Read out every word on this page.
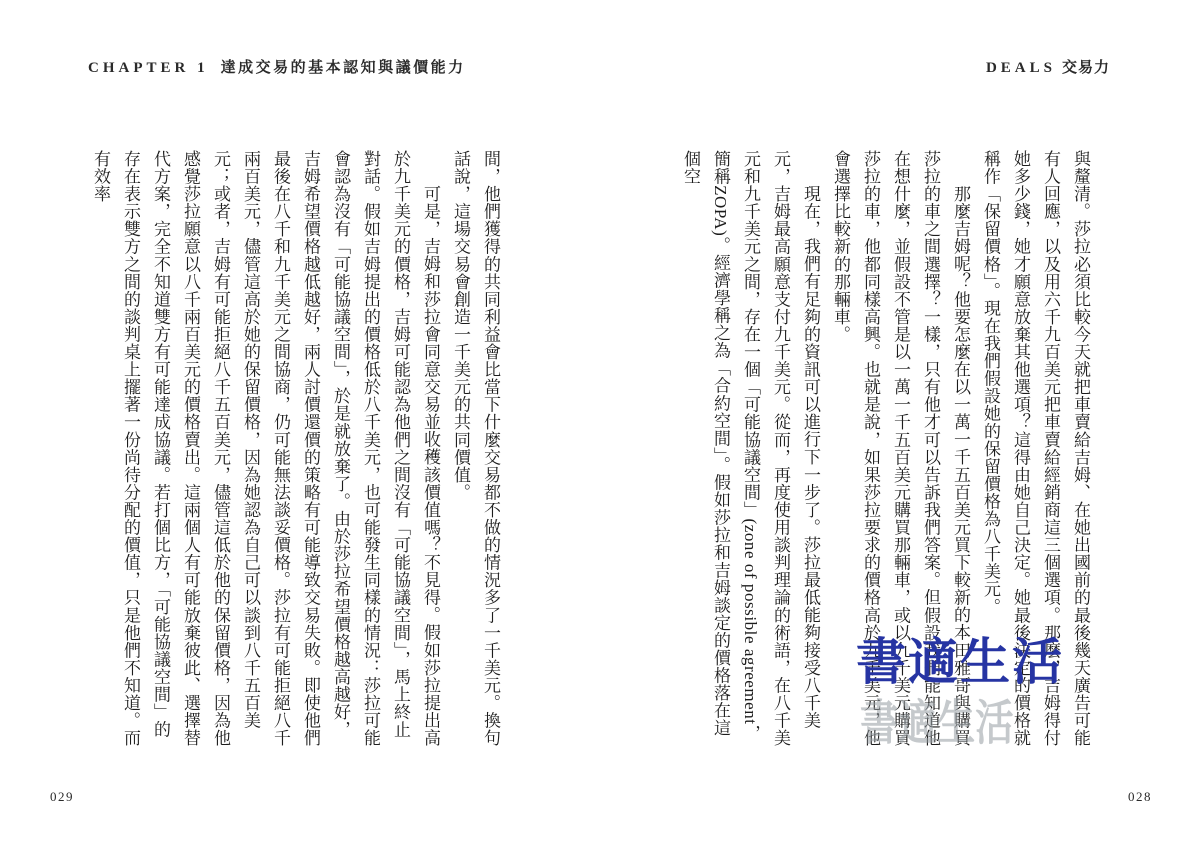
CHAPTER 1 達成交易的基本認知與議價能力	DEALS 交易力

與釐清。莎拉必須比較今天就把車賣給吉姆、在她出國前的最後幾天廣告可能有人回應，以及用六千九百美元把車賣給經銷商這三個選項。那麼，吉姆得付她多少錢，她才願意放棄其他選項？這得由她自己決定。她最後決定的價格就稱作「保留價格」。現在我們假設她的保留價格為八千美元。

那麼吉姆呢？他要怎麼在以一萬一千五百美元買下較新的本田雅哥與購買莎拉的車之間選擇？一樣，只有他才可以告訴我們答案。但假設我們能知道他在想什麼，並假設不管是以一萬一千五百美元購買那輛車，或以九千美元購買莎拉的車，他都同樣高興。也就是說，如果莎拉要求的價格高於九千美元，他會選擇比較新的那輛車。

現在，我們有足夠的資訊可以進行下一步了。莎拉最低能夠接受八千美元，吉姆最高願意支付九千美元。從而，再度使用談判理論的術語，在八千美元和九千美元之間，存在一個「可能協議空間」(zone of possible agreement，簡稱ZOPA)。經濟學稱之為「合約空間」。假如莎拉和吉姆談定的價格落在這個空

間，他們獲得的共同利益會比當下什麼交易都不做的情況多了一千美元。換句話說，這場交易會創造一千美元的共同價值。

可是，吉姆和莎拉會同意交易並收穫該價值嗎？不見得。假如莎拉提出高於九千美元的價格，吉姆可能認為他們之間沒有「可能協議空間」，馬上終止對話。假如吉姆提出的價格低於八千美元，也可能發生同樣的情況：莎拉可能會認為沒有「可能協議空間」，於是就放棄了。由於莎拉希望價格越高越好，吉姆希望價格越低越好，兩人討價還價的策略有可能導致交易失敗。即使他們最後在八千和九千美元之間協商，仍可能無法談妥價格。莎拉有可能拒絕八千兩百美元，儘管這高於她的保留價格，因為她認為自己可以談到八千五百美元；或者，吉姆有可能拒絕八千五百美元，儘管這低於他的保留價格，因為他感覺莎拉願意以八千兩百美元的價格賣出。這兩個人有可能放棄彼此、選擇替代方案，完全不知道雙方有可能達成協議。若打個比方，「可能協議空間」的存在表示雙方之間的談判桌上擺著一份尚待分配的價值，只是他們不知道。而有效率

書適生活
書適生活
029	028
